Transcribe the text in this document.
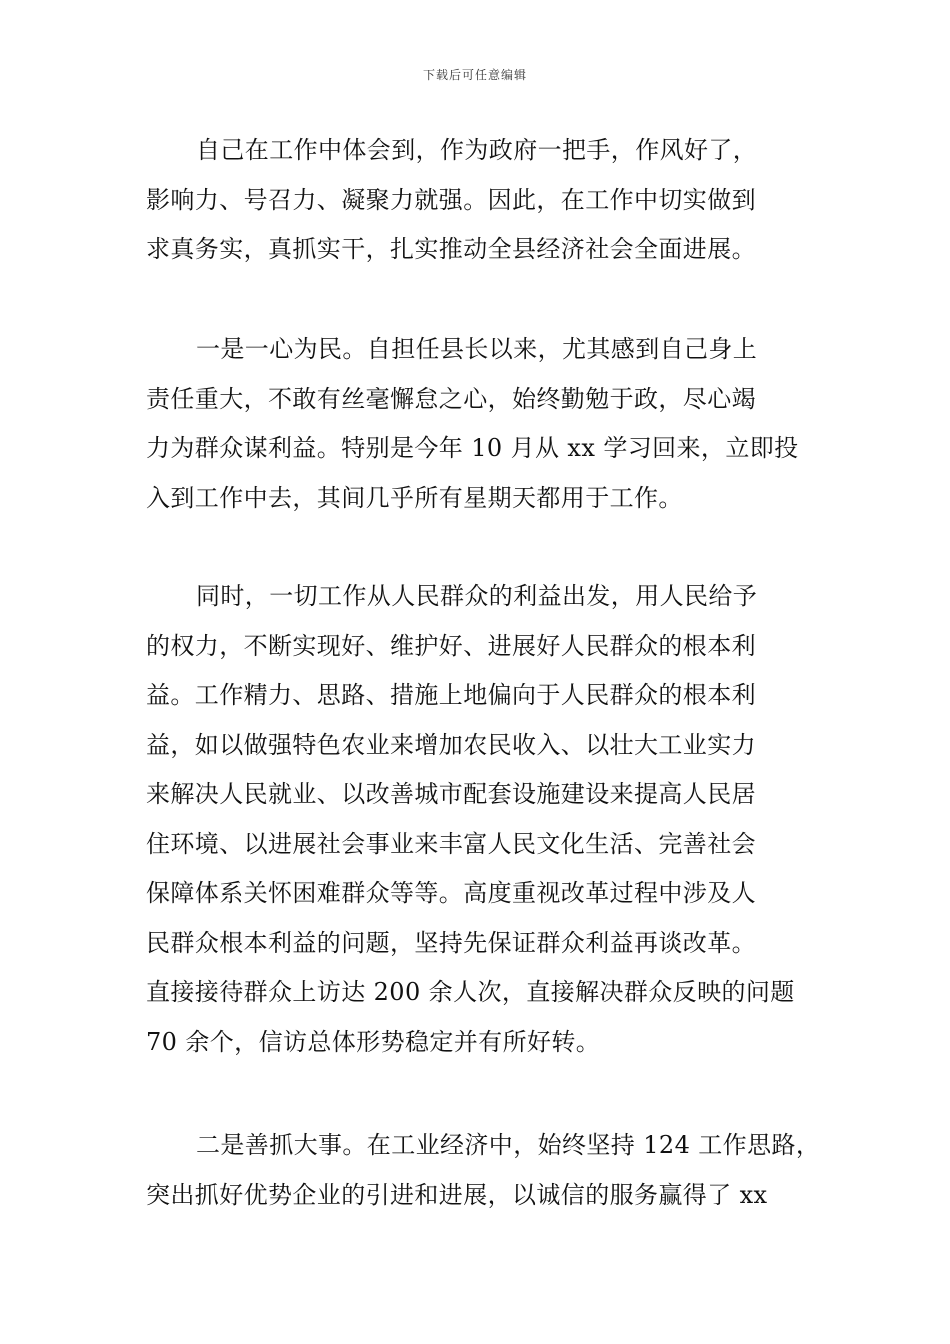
下载后可任意编辑
自己在工作中体会到，作为政府一把手，作风好了，
影响力、号召力、凝聚力就强。因此，在工作中切实做到
求真务实，真抓实干，扎实推动全县经济社会全面进展。
一是一心为民。自担任县长以来，尤其感到自己身上
责任重大，不敢有丝毫懈怠之心，始终勤勉于政，尽心竭
力为群众谋利益。特别是今年 10 月从 xx 学习回来，立即投
入到工作中去，其间几乎所有星期天都用于工作。
同时，一切工作从人民群众的利益出发，用人民给予
的权力，不断实现好、维护好、进展好人民群众的根本利
益。工作精力、思路、措施上地偏向于人民群众的根本利
益，如以做强特色农业来增加农民收入、以壮大工业实力
来解决人民就业、以改善城市配套设施建设来提高人民居
住环境、以进展社会事业来丰富人民文化生活、完善社会
保障体系关怀困难群众等等。高度重视改革过程中涉及人
民群众根本利益的问题，坚持先保证群众利益再谈改革。
直接接待群众上访达 200 余人次，直接解决群众反映的问题
70 余个，信访总体形势稳定并有所好转。
二是善抓大事。在工业经济中，始终坚持 124 工作思路，
突出抓好优势企业的引进和进展，以诚信的服务赢得了 xx
